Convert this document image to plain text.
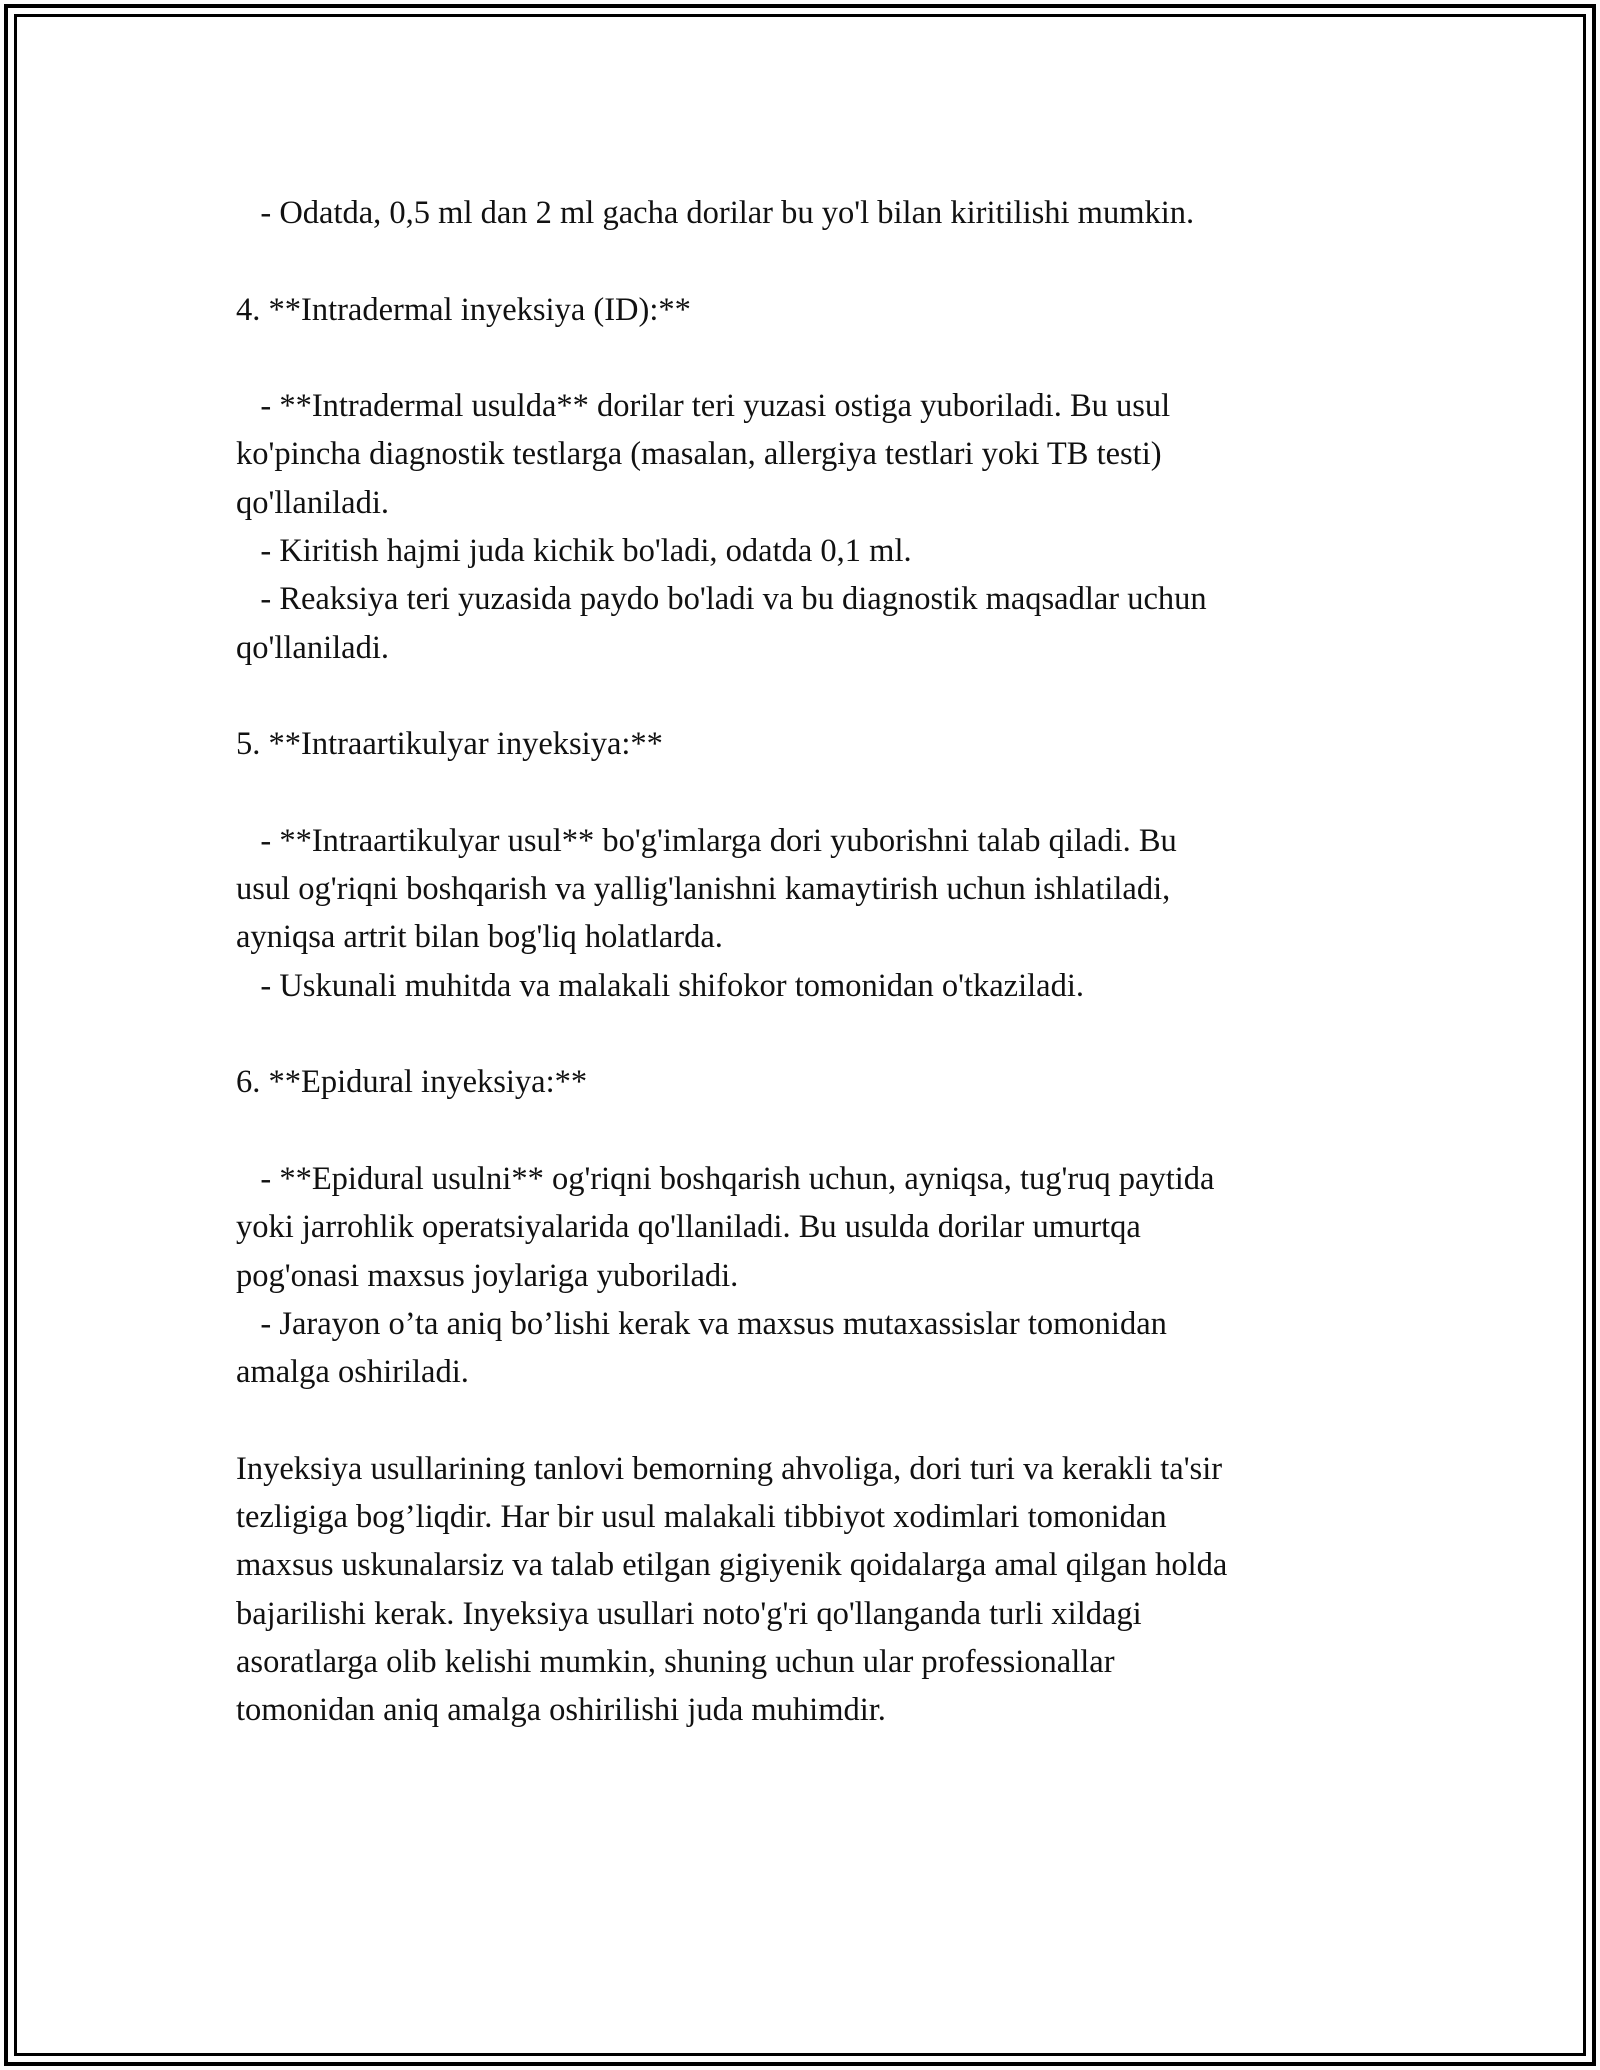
- Odatda, 0,5 ml dan 2 ml gacha dorilar bu yo'l bilan kiritilishi mumkin.
4. **Intradermal inyeksiya (ID):**
- **Intradermal usulda** dorilar teri yuzasi ostiga yuboriladi. Bu usul
ko'pincha diagnostik testlarga (masalan, allergiya testlari yoki TB testi)
qo'llaniladi.
- Kiritish hajmi juda kichik bo'ladi, odatda 0,1 ml.
- Reaksiya teri yuzasida paydo bo'ladi va bu diagnostik maqsadlar uchun
qo'llaniladi.
5. **Intraartikulyar inyeksiya:**
- **Intraartikulyar usul** bo'g'imlarga dori yuborishni talab qiladi. Bu
usul og'riqni boshqarish va yallig'lanishni kamaytirish uchun ishlatiladi,
ayniqsa artrit bilan bog'liq holatlarda.
- Uskunali muhitda va malakali shifokor tomonidan o'tkaziladi.
6. **Epidural inyeksiya:**
- **Epidural usulni** og'riqni boshqarish uchun, ayniqsa, tug'ruq paytida
yoki jarrohlik operatsiyalarida qo'llaniladi. Bu usulda dorilar umurtqa
pog'onasi maxsus joylariga yuboriladi.
- Jarayon o’ta aniq bo’lishi kerak va maxsus mutaxassislar tomonidan
amalga oshiriladi.
Inyeksiya usullarining tanlovi bemorning ahvoliga, dori turi va kerakli ta'sir
tezligiga bog’liqdir. Har bir usul malakali tibbiyot xodimlari tomonidan
maxsus uskunalarsiz va talab etilgan gigiyenik qoidalarga amal qilgan holda
bajarilishi kerak. Inyeksiya usullari noto'g'ri qo'llanganda turli xildagi
asoratlarga olib kelishi mumkin, shuning uchun ular professionallar
tomonidan aniq amalga oshirilishi juda muhimdir.
